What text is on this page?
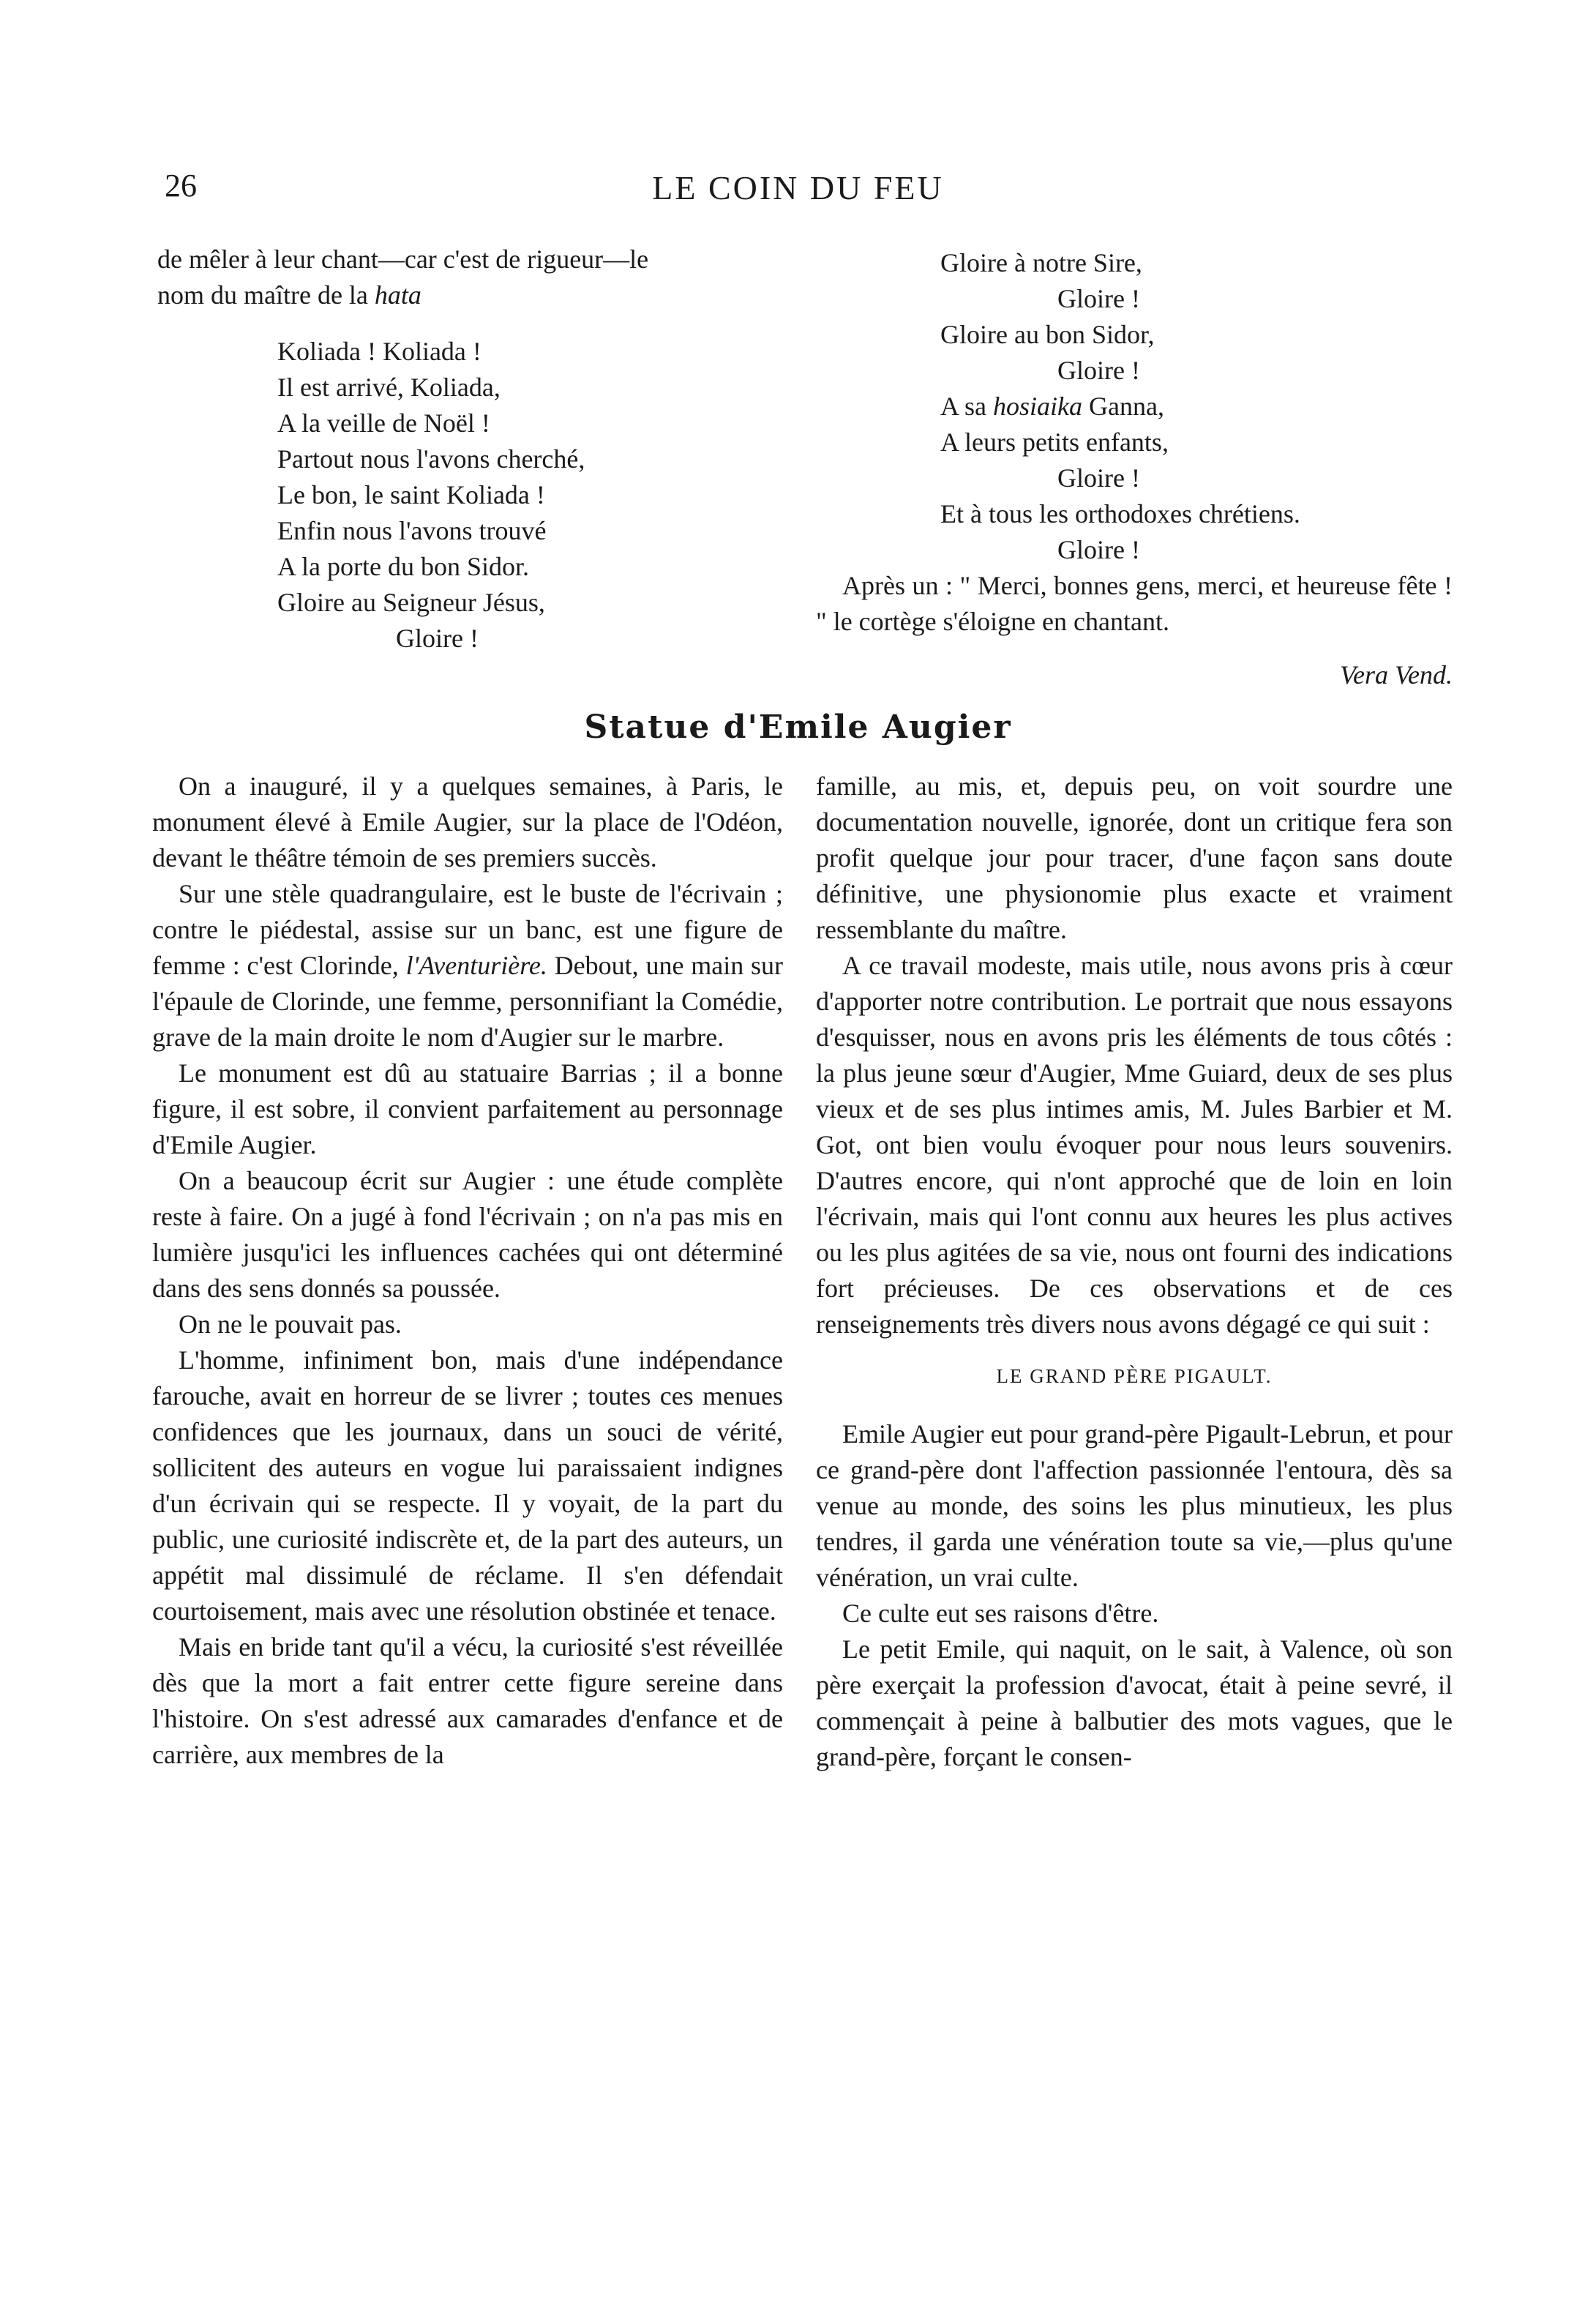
26	LE COIN DU FEU

de mêler à leur chant—car c'est de rigueur—le

nom du maître de la hata

Koliada ! Koliada !
Il est arrivé, Koliada,
A la veille de Noël !
Partout nous l'avons cherché,
Le bon, le saint Koliada !
Enfin nous l'avons trouvé
A la porte du bon Sidor.
Gloire au Seigneur Jésus,
Gloire !
Gloire à notre Sire,
Gloire !
Gloire au bon Sidor,
Gloire !
A sa hosiaika Ganna,
A leurs petits enfants,
Gloire !
Et à tous les orthodoxes chrétiens.
Gloire !

Après un : " Merci, bonnes gens, merci, et heureuse fête ! " le cortège s'éloigne en chantant.

Vera Vend.
Statue d'Emile Augier

On a inauguré, il y a quelques semaines, à Paris, le monument élevé à Emile Augier, sur la place de l'Odéon, devant le théâtre témoin de ses premiers succès.

Sur une stèle quadrangulaire, est le buste de l'écrivain ; contre le piédestal, assise sur un banc, est une figure de femme : c'est Clorinde, l'Aventurière. Debout, une main sur l'épaule de Clorinde, une femme, personnifiant la Comédie, grave de la main droite le nom d'Augier sur le marbre.

Le monument est dû au statuaire Barrias ; il a bonne figure, il est sobre, il convient parfaitement au personnage d'Emile Augier.

On a beaucoup écrit sur Augier : une étude complète reste à faire. On a jugé à fond l'écrivain ; on n'a pas mis en lumière jusqu'ici les influences cachées qui ont déterminé dans des sens donnés sa poussée.

On ne le pouvait pas.

L'homme, infiniment bon, mais d'une indépendance farouche, avait en horreur de se livrer ; toutes ces menues confidences que les journaux, dans un souci de vérité, sollicitent des auteurs en vogue lui paraissaient indignes d'un écrivain qui se respecte. Il y voyait, de la part du public, une curiosité indiscrète et, de la part des auteurs, un appétit mal dissimulé de réclame. Il s'en défendait courtoisement, mais avec une résolution obstinée et tenace.

Mais en bride tant qu'il a vécu, la curiosité s'est réveillée dès que la mort a fait entrer cette figure sereine dans l'histoire. On s'est adressé aux camarades d'enfance et de carrière, aux membres de la

famille, au mis, et, depuis peu, on voit sourdre une documentation nouvelle, ignorée, dont un critique fera son profit quelque jour pour tracer, d'une façon sans doute définitive, une physionomie plus exacte et vraiment ressemblante du maître.

A ce travail modeste, mais utile, nous avons pris à cœur d'apporter notre contribution. Le portrait que nous essayons d'esquisser, nous en avons pris les éléments de tous côtés : la plus jeune sœur d'Augier, Mme Guiard, deux de ses plus vieux et de ses plus intimes amis, M. Jules Barbier et M. Got, ont bien voulu évoquer pour nous leurs souvenirs. D'autres encore, qui n'ont approché que de loin en loin l'écrivain, mais qui l'ont connu aux heures les plus actives ou les plus agitées de sa vie, nous ont fourni des indications fort précieuses. De ces observations et de ces renseignements très divers nous avons dégagé ce qui suit :

LE GRAND PÈRE PIGAULT.

Emile Augier eut pour grand-père Pigault-Lebrun, et pour ce grand-père dont l'affection passionnée l'entoura, dès sa venue au monde, des soins les plus minutieux, les plus tendres, il garda une vénération toute sa vie,—plus qu'une vénération, un vrai culte.

Ce culte eut ses raisons d'être.

Le petit Emile, qui naquit, on le sait, à Valence, où son père exerçait la profession d'avocat, était à peine sevré, il commençait à peine à balbutier des mots vagues, que le grand-père, forçant le consen-
